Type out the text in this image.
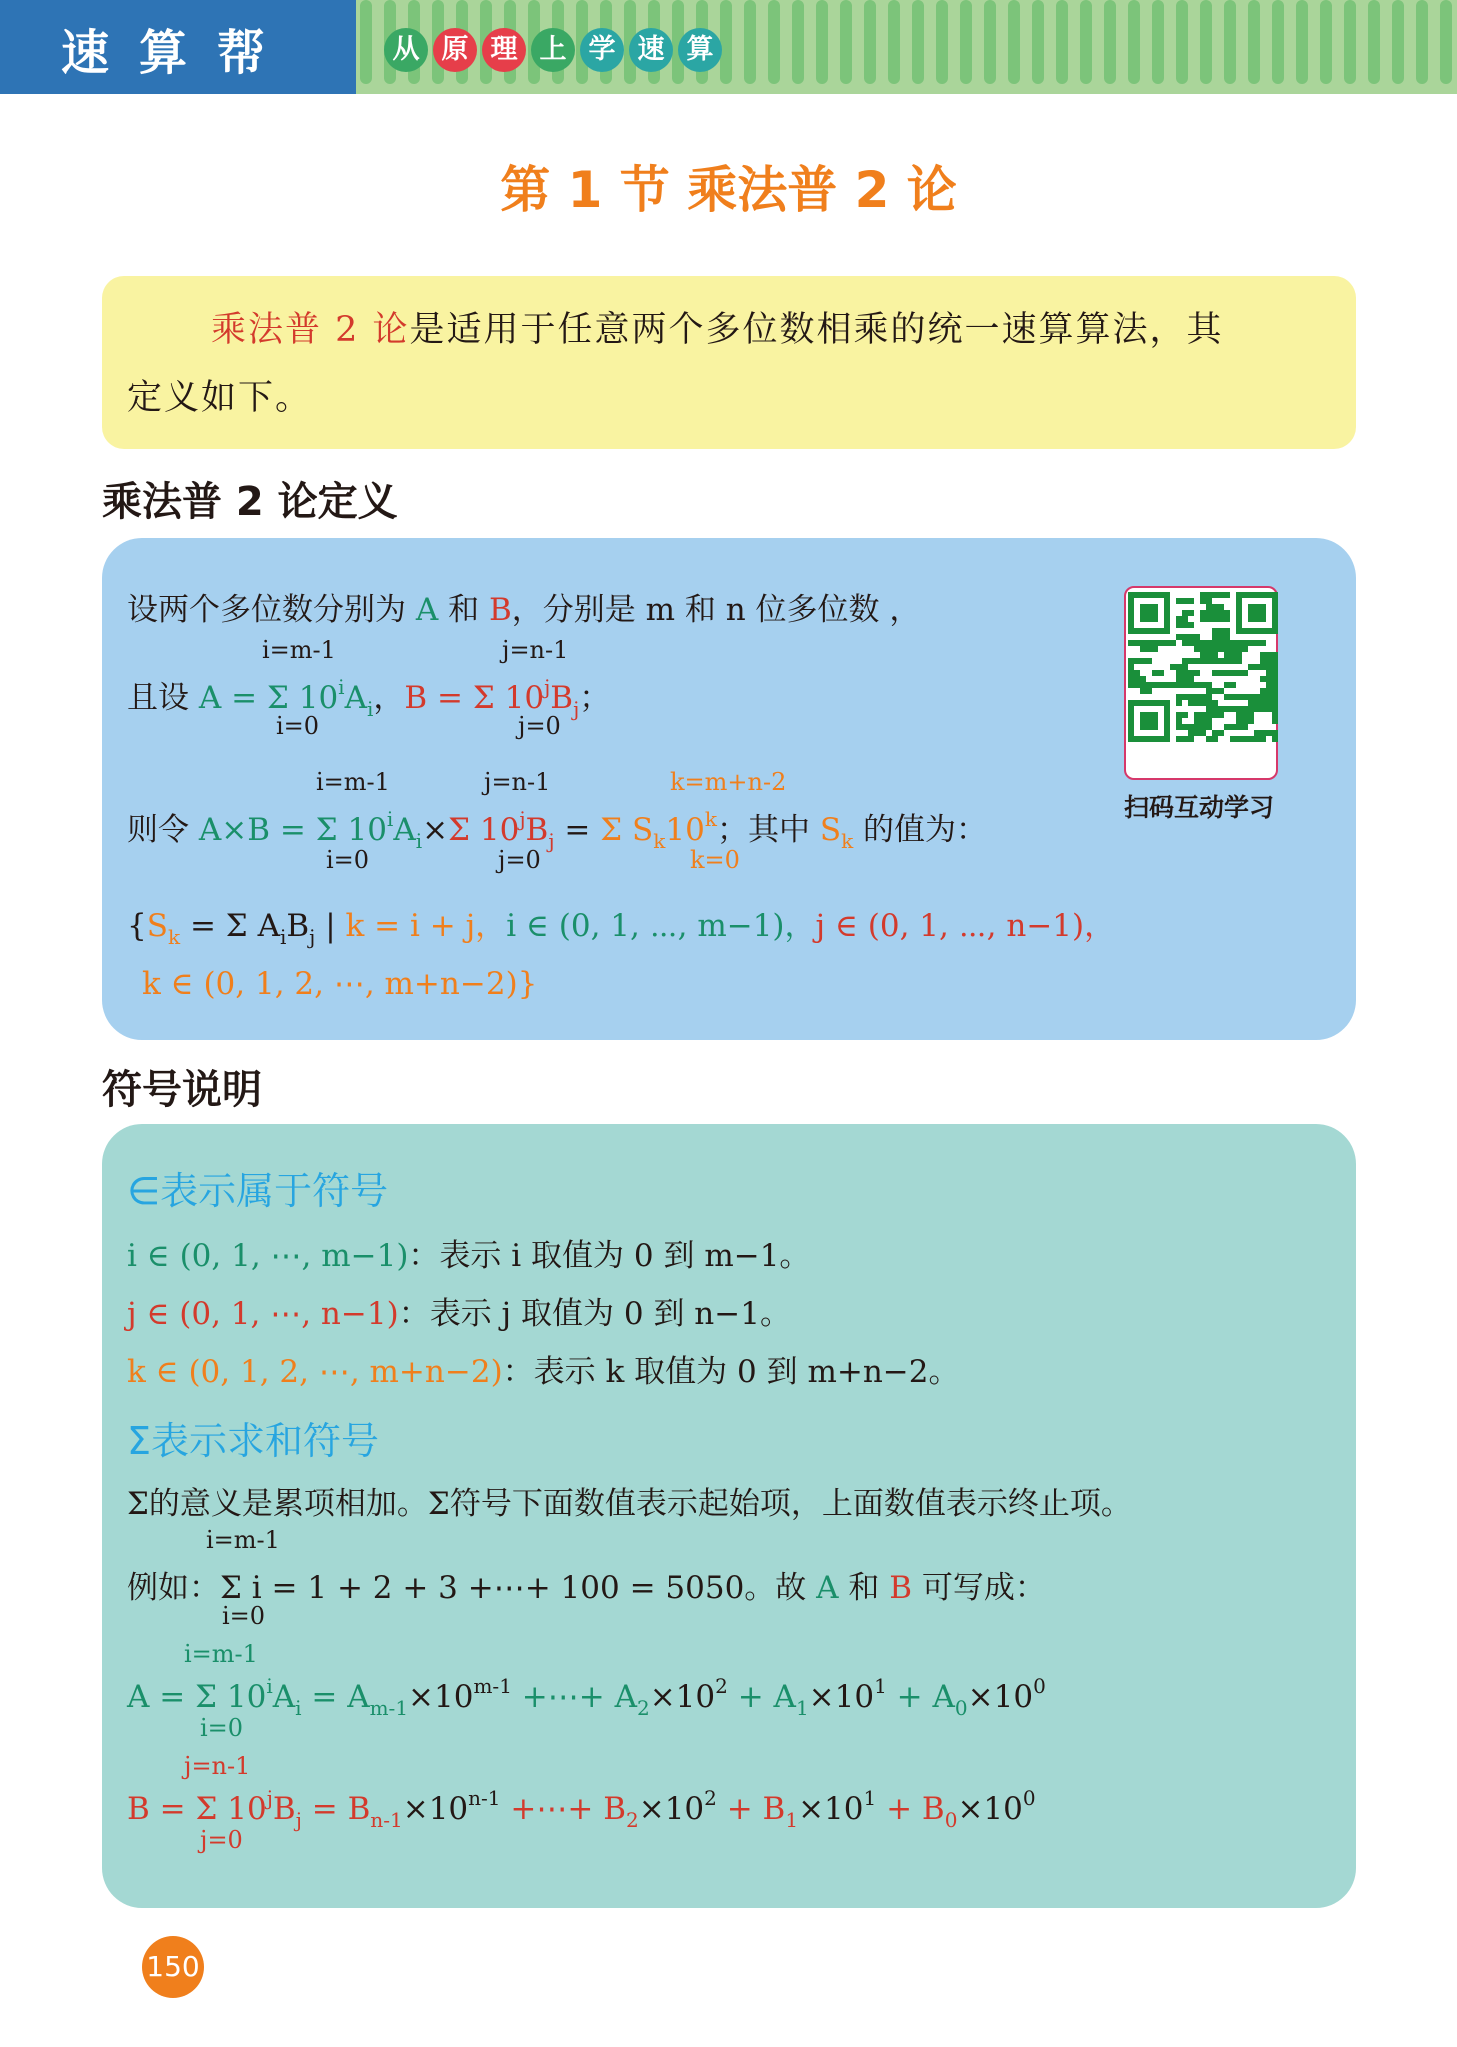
速算帮	从 原 理 上 学 速 算
第 1 节 乘法普 2 论
乘法普 2 论是适用于任意两个多位数相乘的统一速算算法，其
定义如下。
乘法普 2 论定义
设两个多位数分别为 A 和 B，分别是 m 和 n 位多位数 ，
i=m-1
i=0
j=n-1
j=0
且设 A = Σ $10^iA_i$，B = Σ $10^jB_j$；
i=m-1
i=0
j=n-1
j=0
k=m+n-2
k=0
则令 A×B = Σ $10^iA_i\times\Sigma$ $10^jB_j = \Sigma$ $S_k10^k$；其中 $S_k$ 的值为：
{$S_k = \Sigma$ $A_iB_j$ | k = i + j，i ∈ (0, 1, ⋯, m−1)，j ∈ (0, 1, ⋯, n−1)，
k ∈ (0, 1, 2, ⋯, m+n−2)}
扫码互动学习
符号说明
∈表示属于符号
i ∈ (0, 1, ⋯, m−1)：表示 i 取值为 0 到 m−1。
j ∈ (0, 1, ⋯, n−1)：表示 j 取值为 0 到 n−1。
k ∈ (0, 1, 2, ⋯, m+n−2)：表示 k 取值为 0 到 m+n−2。
Σ表示求和符号
Σ的意义是累项相加。Σ符号下面数值表示起始项，上面数值表示终止项。
i=m-1
i=0
例如：Σ i = 1 + 2 + 3 +⋯+ 100 = 5050。故 A 和 B 可写成：
i=m-1
i=0
A = Σ $10^iA_i = A_{m-1}\times 10^{m-1}$ +⋯+ $A_2\times 10^2 + A_1\times 10^1 + A_0\times 10^0$
j=n-1
j=0
B = Σ $10^jB_j = B_{n-1}\times 10^{n-1}$ +⋯+ $B_2\times 10^2 + B_1\times 10^1 + B_0\times 10^0$
150
